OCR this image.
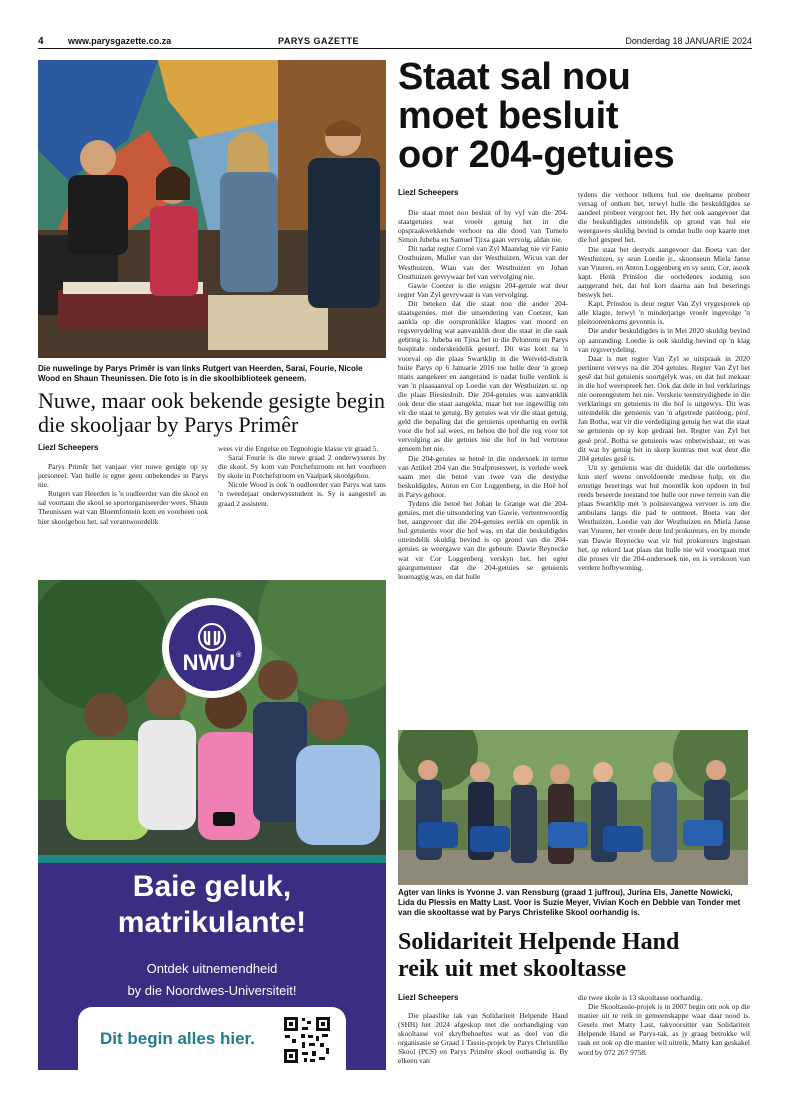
4	www.parysgazette.co.za	PARYS GAZETTE	Donderdag 18 JANUARIE 2024
Die nuwelinge by Parys Primêr is van links Rutgert van Heerden, Sarai, Fourie, Nicole Wood en Shaun Theunissen. Die foto is in die skoolbiblioteek geneem.
Nuwe, maar ook bekende gesigte begin die skooljaar by Parys Primêr
Liezl Scheepers

Parys Primêr het vanjaar vier nuwe gesigte op sy personeel. Van hulle is egter geen onbekendes in Parys nie.

Rutgert van Heerden is 'n oudleerder van die skool en sal voortaan die skool se sportorganiseerder wees. Shaun Theunissen wat van Bloemfontein kom en voorheen ook hier skoolgehou het, sal verantwoordelik

wees vir die Engelse en Tegnologie klasse vir graad 5.

Sarai Fourie is die nuwe graad 2 onderwyseres by die skool. Sy kom van Potchefstroom en het voorheen by skole in Potchefstroom en Vaalpark skoolgehou.

Nicole Wood is ook 'n oudleerder van Parys wat tans 'n tweedejaar onderwysstudent is. Sy is aangestel as graad 2 assistent.

NWU ®
Baie geluk,
matrikulante!
Ontdek uitnemendheid
by die Noordwes-Universiteit!
Dit begin alles hier.
Staat sal nou
moet besluit
oor 204-getuies
Liezl Scheepers

Die staat moet nou besluit of hy vyf van die 204-staatgetuies wat vroeër getuig het in die opspraakwekkende verhoor na die dood van Tumelo Simon Jubeba en Samuel Tjixa gaan vervolg, aldan nie.

Dit nadat regter Corné van Zyl Maandag nie vir Fanie Oosthuizen, Muller van der Westhuizen, Wicus van der Westhuizen, Wian van der Westhuizen en Johan Oosthuizen gevrywaar het van vervolging nie.

Gawie Coetzer is die enigste 204-getuie wat deur regter Van Zyl gevrywaar is van vervolging.

Dit beteken dat die staat nou die ander 204-staatsgetuies, met die uitsondering van Coetzer, kan aankla op die oorspronklike klagtes van moord en regsverydeling wat aanvanklik deur die staat in die saak gebring is. Jubeba en Tjixa het in die Pelonomi en Parys hospitale onderskeidelik gesterf. Dit was kort na 'n voorval op die plaas Swartklip in die Weiveld-distrik buite Parys op 6 Januarie 2016 toe hulle deur 'n groep mans aangekeer en aangerand is nadat hulle verdink is van 'n plaasaanval op Loedie van der Westhuizen sr. op die plaas Biesiesbult. Die 204-getuies was aanvanklik ook deur die staat aangekla, maar het toe ingewillig om vir die staat te getuig. By getuies wat vir die staat getuig, geld die bepaling dat die getuienis openhartig en eerlik voor die hof sal wees, en behou die hof die reg voor tot vervolging as die getuies nie die hof in hul vertroue geneem het nie.

Die 204-getuies se betoë in die ondersoek in terme van Artikel 204 van die Strafproseswet, is verlede week saam met die betoë van twee van die destydse beskuldigdes, Anton en Cor Loggenberg, in die Hoë hof in Parys gehoor.

Tydens die betoë het Johan le Grange wat die 204-getuies, met die uitsondering van Gawie, verteenwoordig het, aangevoer dat die 204-getuies eerlik en openlik in hul getuienis voor die hof was, en dat die beskuldigdes uiteindelik skuldig bevind is op grond van die 204-getuies se weergawe van die gebeure. Dawie Reynecke wat vir Cor Loggenberg verskyn het, het egter geargumenteer dat die 204-getuies se getuienis leuenagtig was, en dat hulle

tydens die verhoor telkens hul eie deelname probeer versag of ontken het, terwyl hulle die beskuldigdes se aandeel probeer vergroot het. Hy het ook aangevoer dat die beskuldigdes uiteindelik op grond van hul eie weergawes skuldig bevind is omdat hulle oop kaarte met die hof gespeel het.

Die staat het destyds aangevoer dat Boeta van der Westhuizen, sy seun Loedie jr., skoonseun Miela Janse van Vuuren, en Anton Loggenberg en sy seun, Cor, asook kapt. Henk Prinsloo die oorledenes sodanig sou aangerand het, dat hul kort daarna aan hul beserings beswyk het.

Kapt. Prinsloo is deur regter Van Zyl vrygespreek op alle klagte, terwyl 'n minderjarige vroeër ingevolge 'n pleitooreenkoms gevonnis is.

Die ander beskuldigdes is in Mei 2020 skuldig bevind op aanranding. Loedie is ook skuldig bevind op 'n klag van regsverydeling.

Daar is met regter Van Zyl se uitspraak in 2020 pertinent verwys na die 204 getuies. Regter Van Zyl het gesê dat hul getuienis soortgelyk was, en dat hul mekaar in die hof weerspreek het. Ook dat dele in hul verklarings nie ooreengestem het nie. Verskeie teenstrydighede in die verklarings en getuienis in die hof is uitgewys. Dit was uiteindelik die getuienis van 'n afgetrede patoloog, prof. Jan Botha, wat vir die verdediging getuig het wat die staat se getuienis op sy kop gedraai het. Regter van Zyl het gesê prof. Botha se getuienis was onbetwisbaar, en was dit wat hy getuig het in skerp kontras met wat deur die 204 getuies gesê is.

Uit sy getuienis was dit duidelik dat die oorledenes kon sterf weens onvoldoende mediese hulp, en die ernstige beserings wat hul moontlik kon opdoen in hul reeds beseerde toestand toe hulle oor ruwe terrein van die plaas Swartklip met 'n polisievangwa vervoer is om die ambulans langs die pad te ontmoet. Boeta van der Westhuizen, Loedie van der Westhuizen en Miela Janse van Vuuren, het vroeër deur hul prokureurs, en by monde van Dawie Reynecke wat vir hul prokureurs ingestaan het, op rekord laat plaas dat hulle nie wil voortgaan met die proses vir die 204-ondersoek nie, en is verskoon van verdere hofbywoning.

Agter van links is Yvonne J. van Rensburg (graad 1 juffrou), Jurina Els, Janette Nowicki, Lida du Plessis en Matty Last. Voor is Suzie Meyer, Vivian Koch en Debbie van Tonder met van die skooltasse wat by Parys Christelike Skool oorhandig is.
Solidariteit Helpende Hand
reik uit met skooltasse
Liezl Scheepers

Die plaaslike tak van Solidariteit Helpende Hand (SHH) het 2024 afgeskop met die oorhandiging van skooltasse vol skryfbehoeftes wat as deel van die organisasie se Graad 1 Tassie-projek by Parys Christelike Skool (PCS) en Parys Primêre skool oorhandig is. By elkeen van

die twee skole is 13 skooltasse oorhandig.

Die Skooltassie-projek is in 2007 begin om ook op die manier uit te reik in gemeenskappe waar daar nood is. Gesels met Matty Last, takvoorsitter van Solidariteit Helpende Hand se Parys-tak, as jy graag betrokke wil raak en ook op die manier wil uitreik. Matty kan geskakel word by 072 267 9758.
